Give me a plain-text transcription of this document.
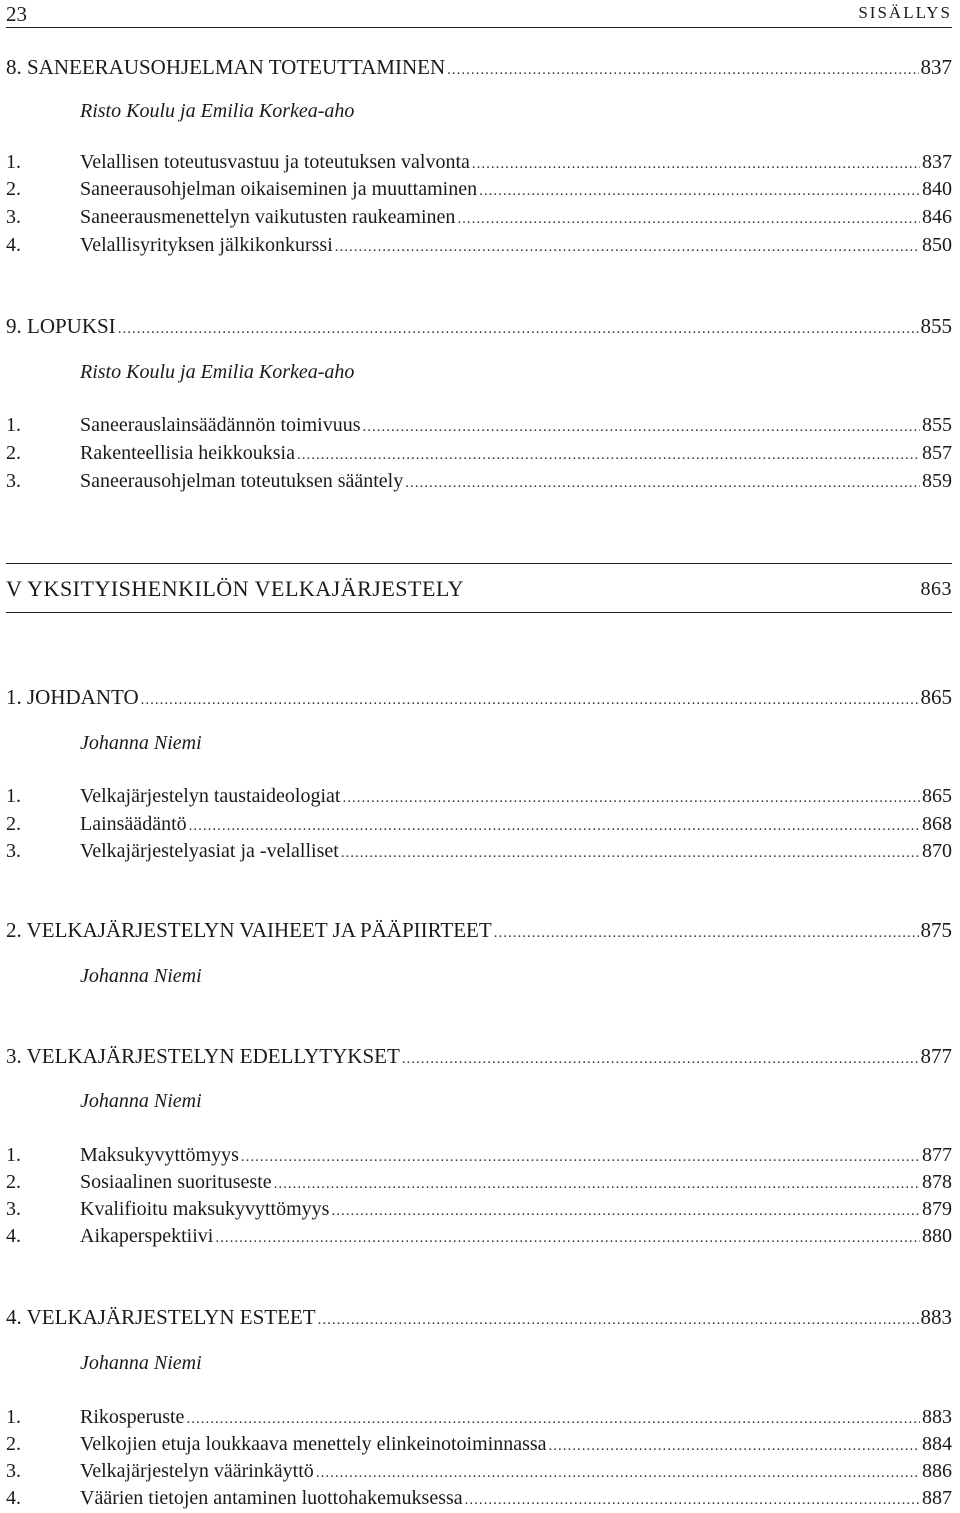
23	SISÄLLYS
8. SANEERAUSOHJELMAN TOTEUTTAMINEN .....	837
Risto Koulu ja Emilia Korkea-aho
1.	Velallisen toteutusvastuu ja toteutuksen valvonta .....	837
2.	Saneerausohjelman oikaiseminen ja muuttaminen .....	840
3.	Saneerausmenettelyn vaikutusten raukeaminen .....	846
4.	Velallisyrityksen jälkikonkurssi .....	850
9. LOPUKSI .....	855
Risto Koulu ja Emilia Korkea-aho
1.	Saneerauslainsäädännön toimivuus .....	855
2.	Rakenteellisia heikkouksia .....	857
3.	Saneerausohjelman toteutuksen sääntely .....	859
V YKSITYISHENKILÖN VELKAJÄRJESTELY	863
1. JOHDANTO .....	865
Johanna Niemi
1.	Velkajärjestelyn taustaideologiat .....	865
2.	Lainsäädäntö .....	868
3.	Velkajärjestelyasiat ja -velalliset .....	870
2. VELKAJÄRJESTELYN VAIHEET JA PÄÄPIIRTEET .....	875
Johanna Niemi
3. VELKAJÄRJESTELYN EDELLYTYKSET .....	877
Johanna Niemi
1.	Maksukyvyttömyys .....	877
2.	Sosiaalinen suorituseste .....	878
3.	Kvalifioitu maksukyvyttömyys .....	879
4.	Aikaperspektiivi .....	880
4. VELKAJÄRJESTELYN ESTEET .....	883
Johanna Niemi
1.	Rikosperuste .....	883
2.	Velkojien etuja loukkaava menettely elinkeinotoiminnassa .....	884
3.	Velkajärjestelyn väärinkäyttö .....	886
4.	Väärien tietojen antaminen luottohakemuksessa .....	887
